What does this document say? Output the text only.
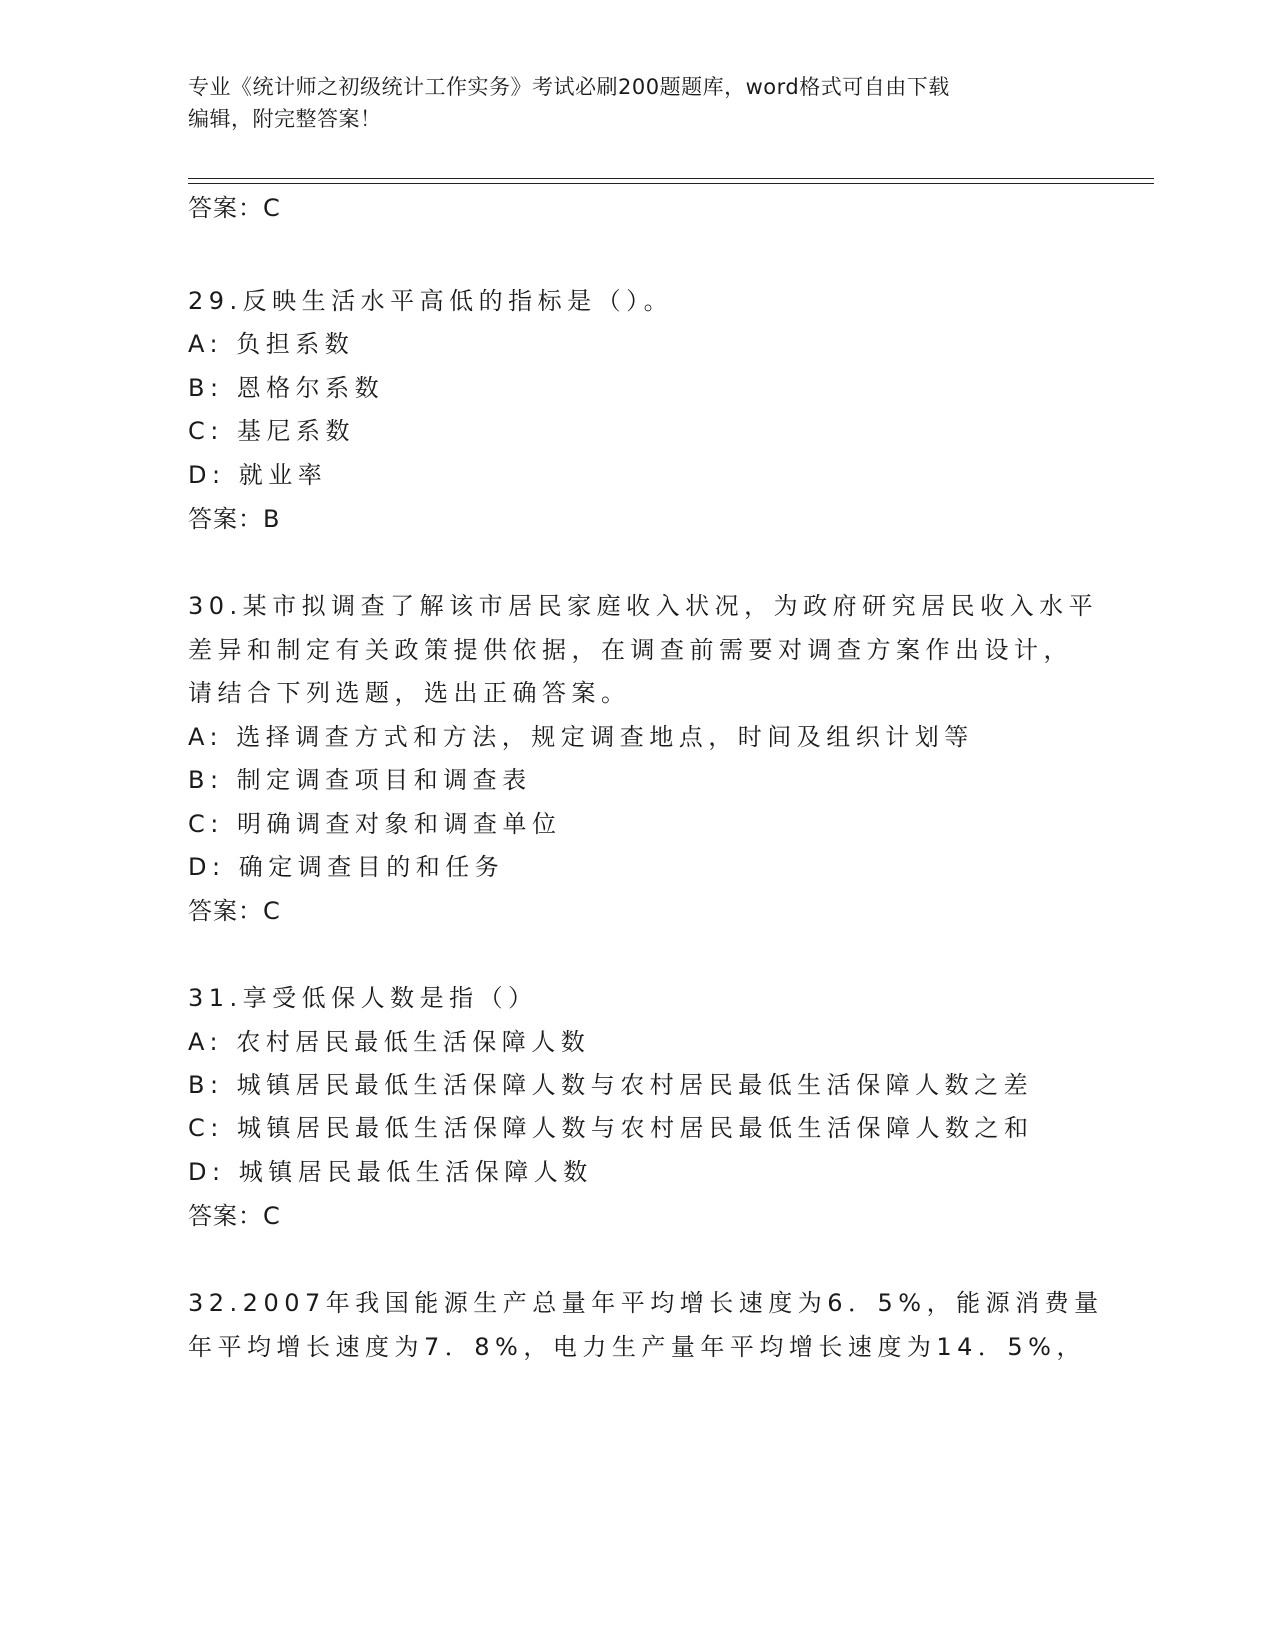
专业《统计师之初级统计工作实务》考试必刷200题题库，word格式可自由下载
编辑，附完整答案！
答案：C
29.反映生活水平高低的指标是（）。
A: 负担系数
B: 恩格尔系数
C: 基尼系数
D: 就业率
答案：B
30.某市拟调查了解该市居民家庭收入状况，为政府研究居民收入水平
差异和制定有关政策提供依据，在调查前需要对调查方案作出设计，
请结合下列选题，选出正确答案。
A: 选择调查方式和方法，规定调查地点，时间及组织计划等
B: 制定调查项目和调查表
C: 明确调查对象和调查单位
D: 确定调查目的和任务
答案：C
31.享受低保人数是指（）
A: 农村居民最低生活保障人数
B: 城镇居民最低生活保障人数与农村居民最低生活保障人数之差
C: 城镇居民最低生活保障人数与农村居民最低生活保障人数之和
D: 城镇居民最低生活保障人数
答案：C
32.2007年我国能源生产总量年平均增长速度为6．5%，能源消费量
年平均增长速度为7．8%，电力生产量年平均增长速度为14．5%，
